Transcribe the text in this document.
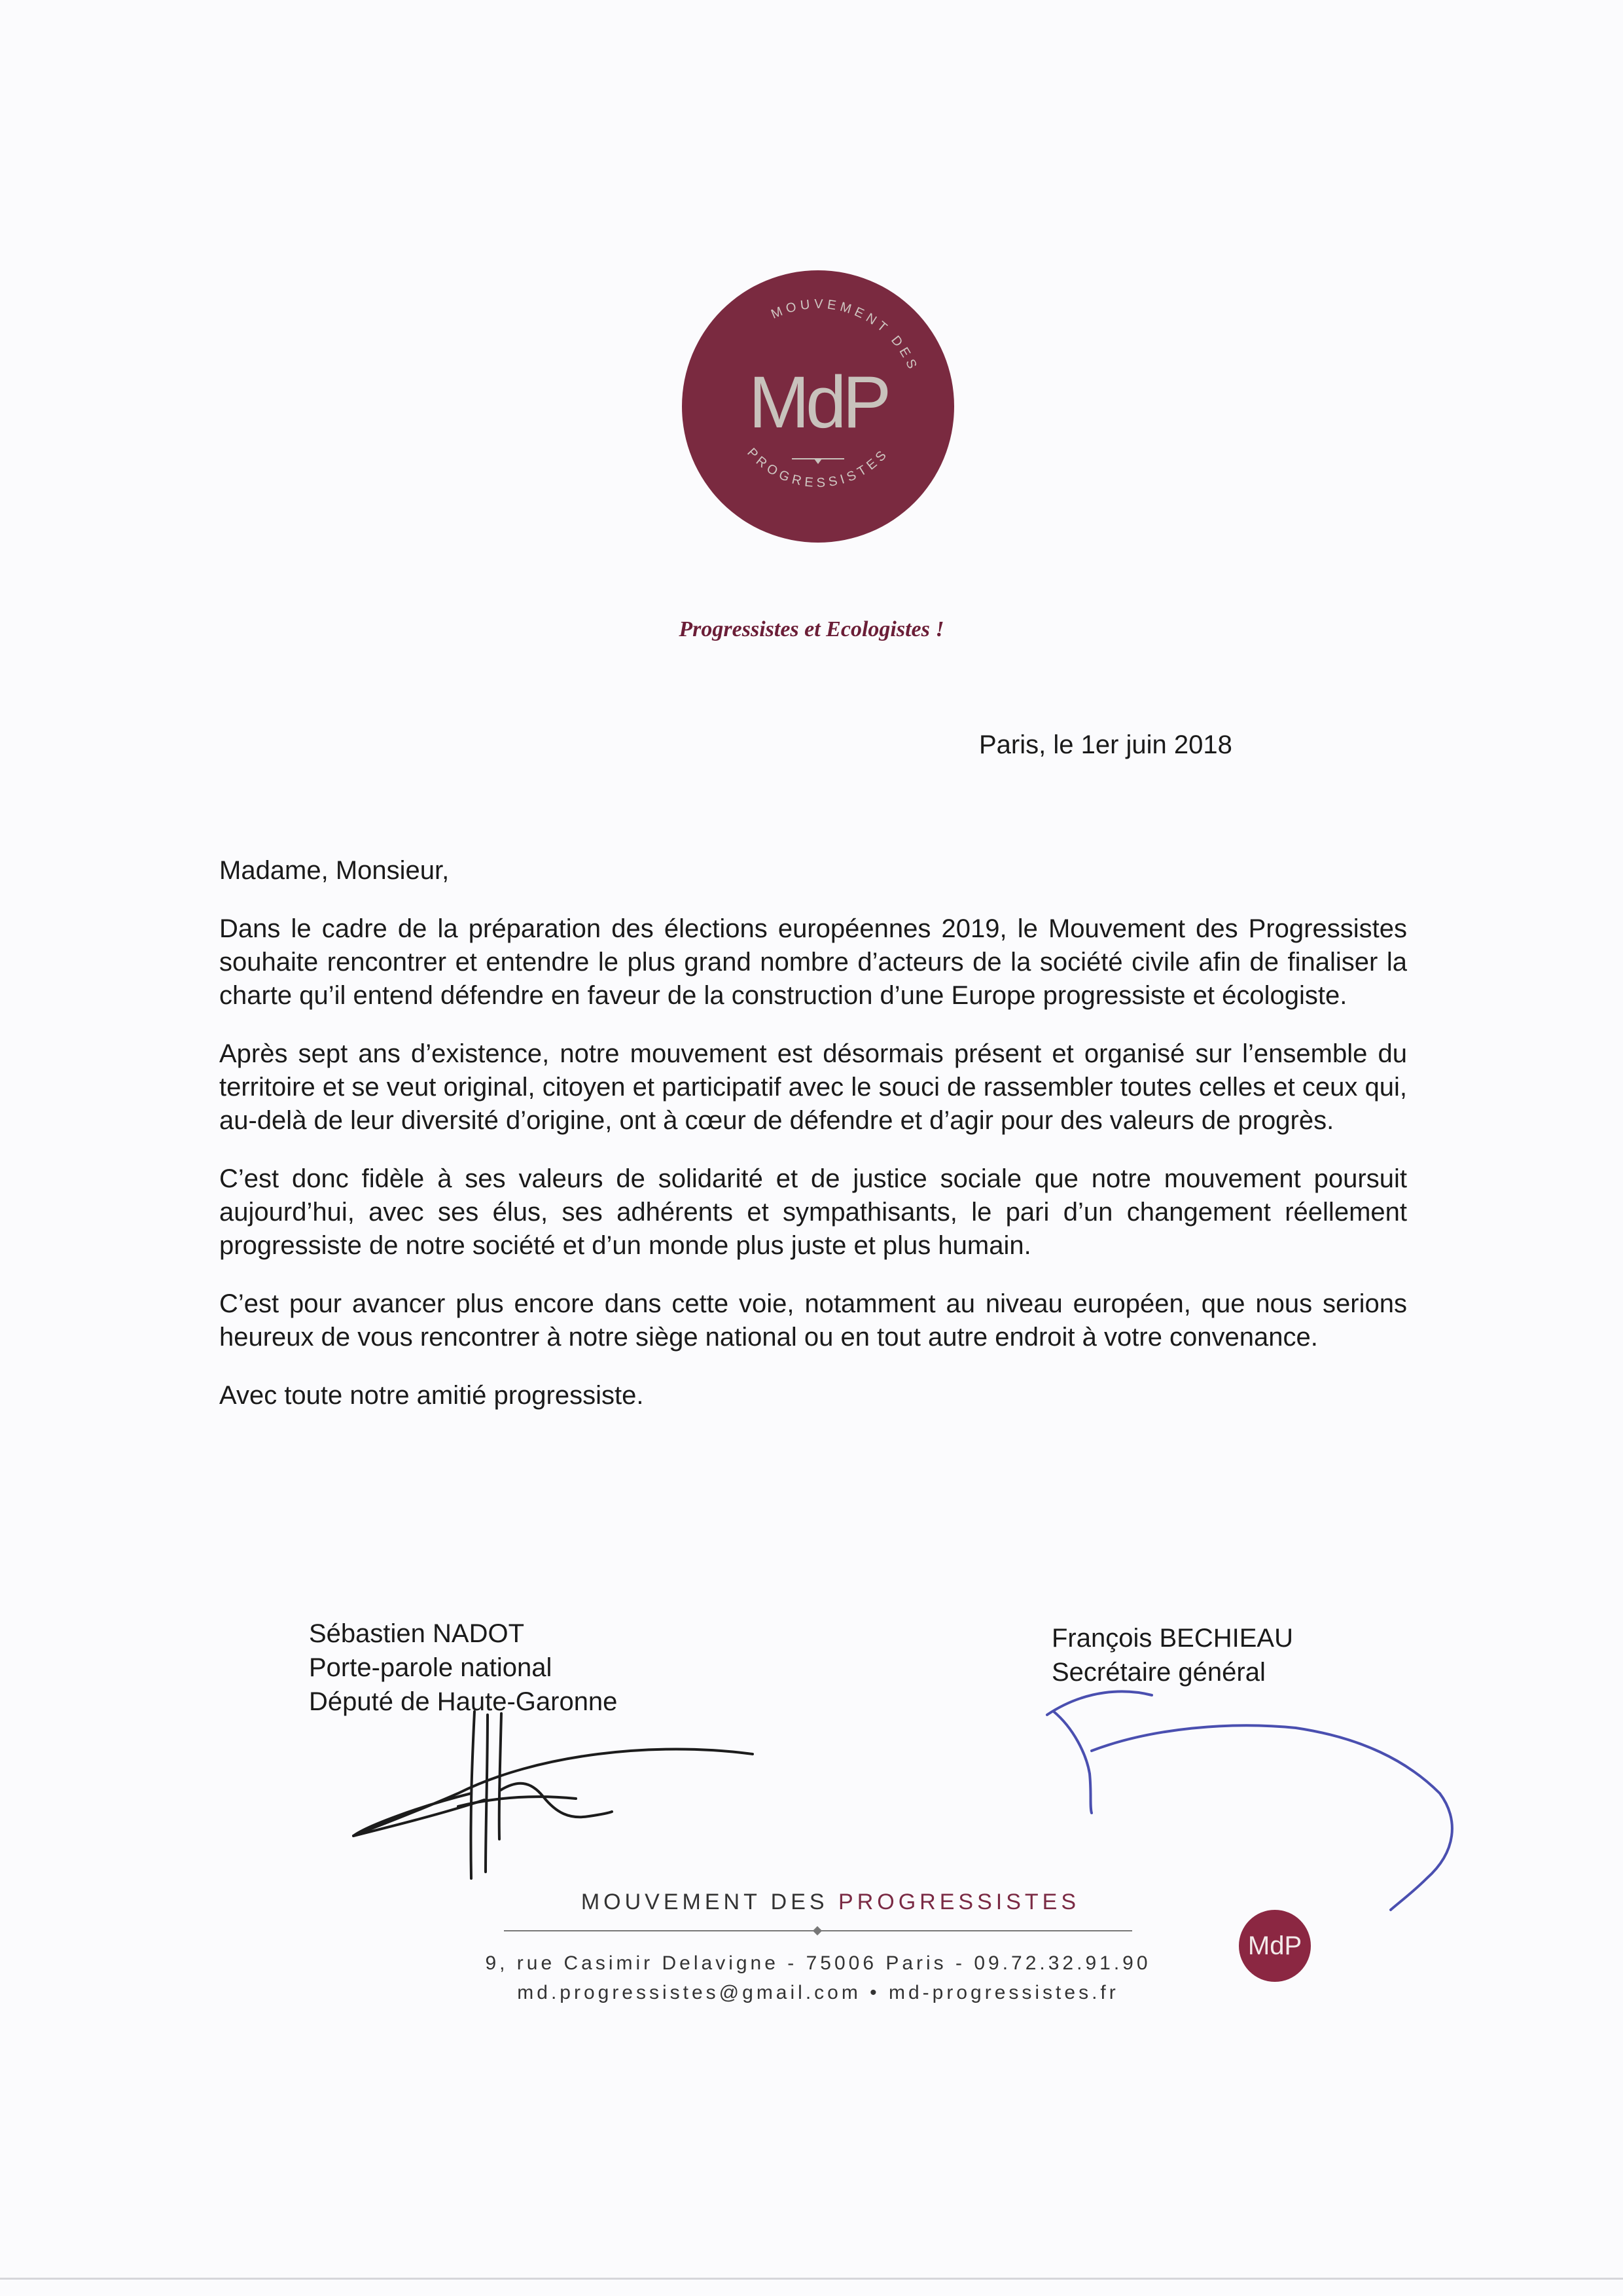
MOUVEMENT DES
PROGRESSISTES
MdP
Progressistes et Ecologistes !
Paris, le 1er juin 2018

Madame, Monsieur,

Dans le cadre de la préparation des élections européennes 2019, le Mouvement des Progressistes souhaite rencontrer et entendre le plus grand nombre d’acteurs de la société civile afin de finaliser la charte qu’il entend défendre en faveur de la construction d’une Europe progressiste et écologiste.

Après sept ans d’existence, notre mouvement est désormais présent et organisé sur l’ensemble du territoire et se veut original, citoyen et participatif avec le souci de rassembler toutes celles et ceux qui, au-delà de leur diversité d’origine, ont à cœur de défendre et d’agir pour des valeurs de progrès.

C’est donc fidèle à ses valeurs de solidarité et de justice sociale que notre mouvement poursuit aujourd’hui, avec ses élus, ses adhérents et sympathisants, le pari d’un changement réellement progressiste de notre société et d’un monde plus juste et plus humain.

C’est pour avancer plus encore dans cette voie, notamment au niveau européen, que nous serions heureux de vous rencontrer à notre siège national ou en tout autre endroit à votre convenance.

Avec toute notre amitié progressiste.

Sébastien NADOT
Porte-parole national
Député de Haute-Garonne
François BECHIEAU
Secrétaire général
MOUVEMENT DES PROGRESSISTES
9, rue Casimir Delavigne - 75006 Paris - 09.72.32.91.90
md.progressistes@gmail.com • md-progressistes.fr
MdP
